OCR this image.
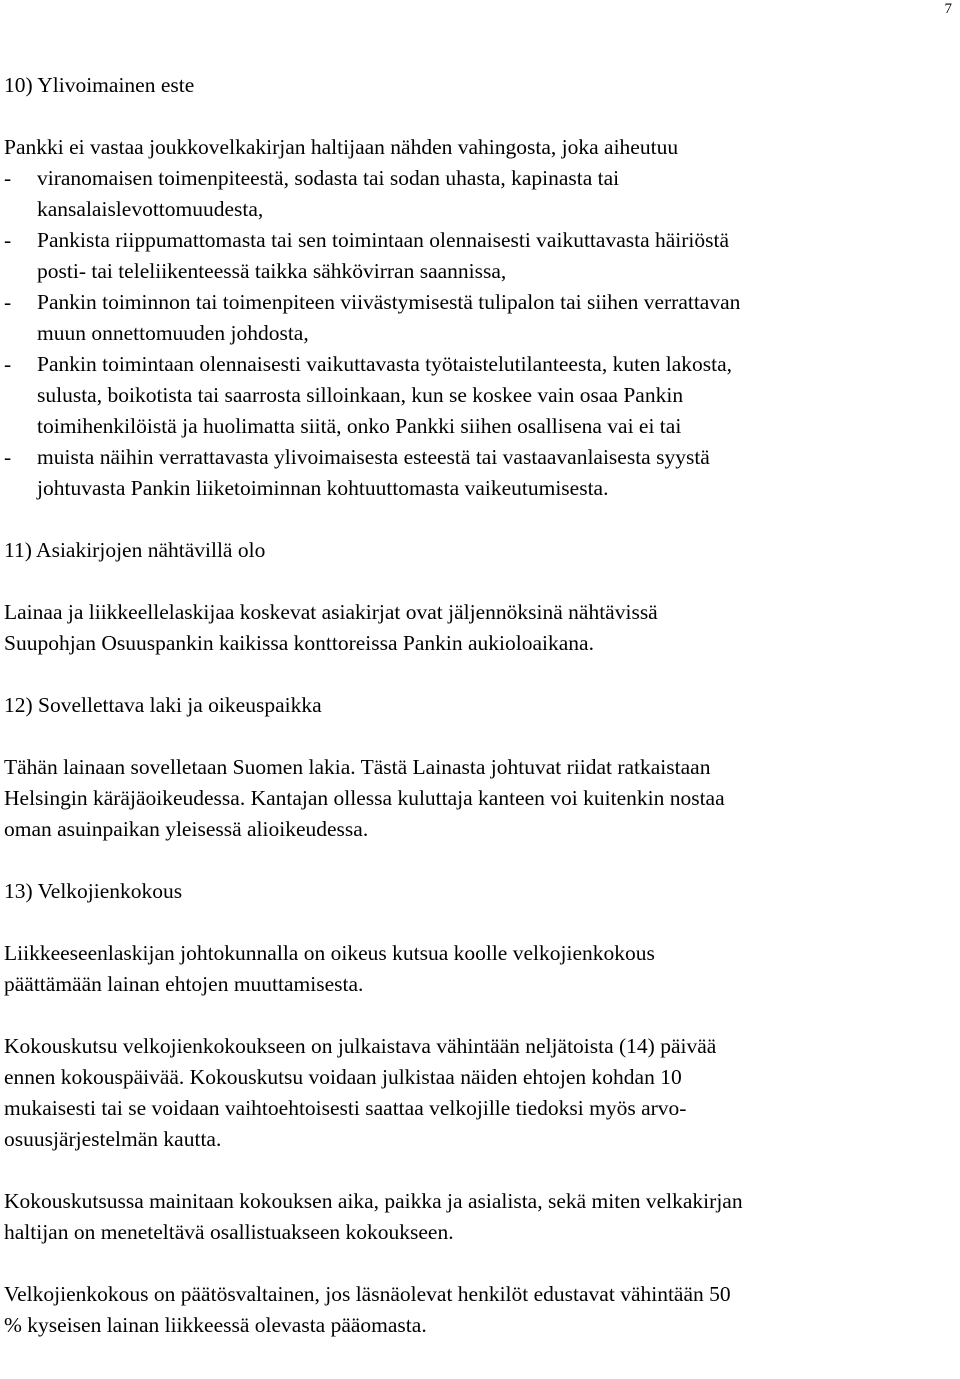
7

10) Ylivoimainen este

Pankki ei vastaa joukkovelkakirjan haltijaan nähden vahingosta, joka aiheutuu

-	viranomaisen toimenpiteestä, sodasta tai sodan uhasta, kapinasta tai
kansalaislevottomuudesta,
-	Pankista riippumattomasta tai sen toimintaan olennaisesti vaikuttavasta häiriöstä
posti- tai teleliikenteessä taikka sähkövirran saannissa,
-	Pankin toiminnon tai toimenpiteen viivästymisestä tulipalon tai siihen verrattavan
muun onnettomuuden johdosta,
-	Pankin toimintaan olennaisesti vaikuttavasta työtaistelutilanteesta, kuten lakosta,
sulusta, boikotista tai saarrosta silloinkaan, kun se koskee vain osaa Pankin
toimihenkilöistä ja huolimatta siitä, onko Pankki siihen osallisena vai ei tai
-	muista näihin verrattavasta ylivoimaisesta esteestä tai vastaavanlaisesta syystä
johtuvasta Pankin liiketoiminnan kohtuuttomasta vaikeutumisesta.

11) Asiakirjojen nähtävillä olo

Lainaa ja liikkeellelaskijaa koskevat asiakirjat ovat jäljennöksinä nähtävissä
Suupohjan Osuuspankin kaikissa konttoreissa Pankin aukioloaikana.

12) Sovellettava laki ja oikeuspaikka

Tähän lainaan sovelletaan Suomen lakia. Tästä Lainasta johtuvat riidat ratkaistaan
Helsingin käräjäoikeudessa. Kantajan ollessa kuluttaja kanteen voi kuitenkin nostaa
oman asuinpaikan yleisessä alioikeudessa.

13) Velkojienkokous

Liikkeeseenlaskijan johtokunnalla on oikeus kutsua koolle velkojienkokous
päättämään lainan ehtojen muuttamisesta.

Kokouskutsu velkojienkokoukseen on julkaistava vähintään neljätoista (14) päivää
ennen kokouspäivää. Kokouskutsu voidaan julkistaa näiden ehtojen kohdan 10
mukaisesti tai se voidaan vaihtoehtoisesti saattaa velkojille tiedoksi myös arvo-
osuusjärjestelmän kautta.

Kokouskutsussa mainitaan kokouksen aika, paikka ja asialista, sekä miten velkakirjan
haltijan on meneteltävä osallistuakseen kokoukseen.

Velkojienkokous on päätösvaltainen, jos läsnäolevat henkilöt edustavat vähintään 50
% kyseisen lainan liikkeessä olevasta pääomasta.
